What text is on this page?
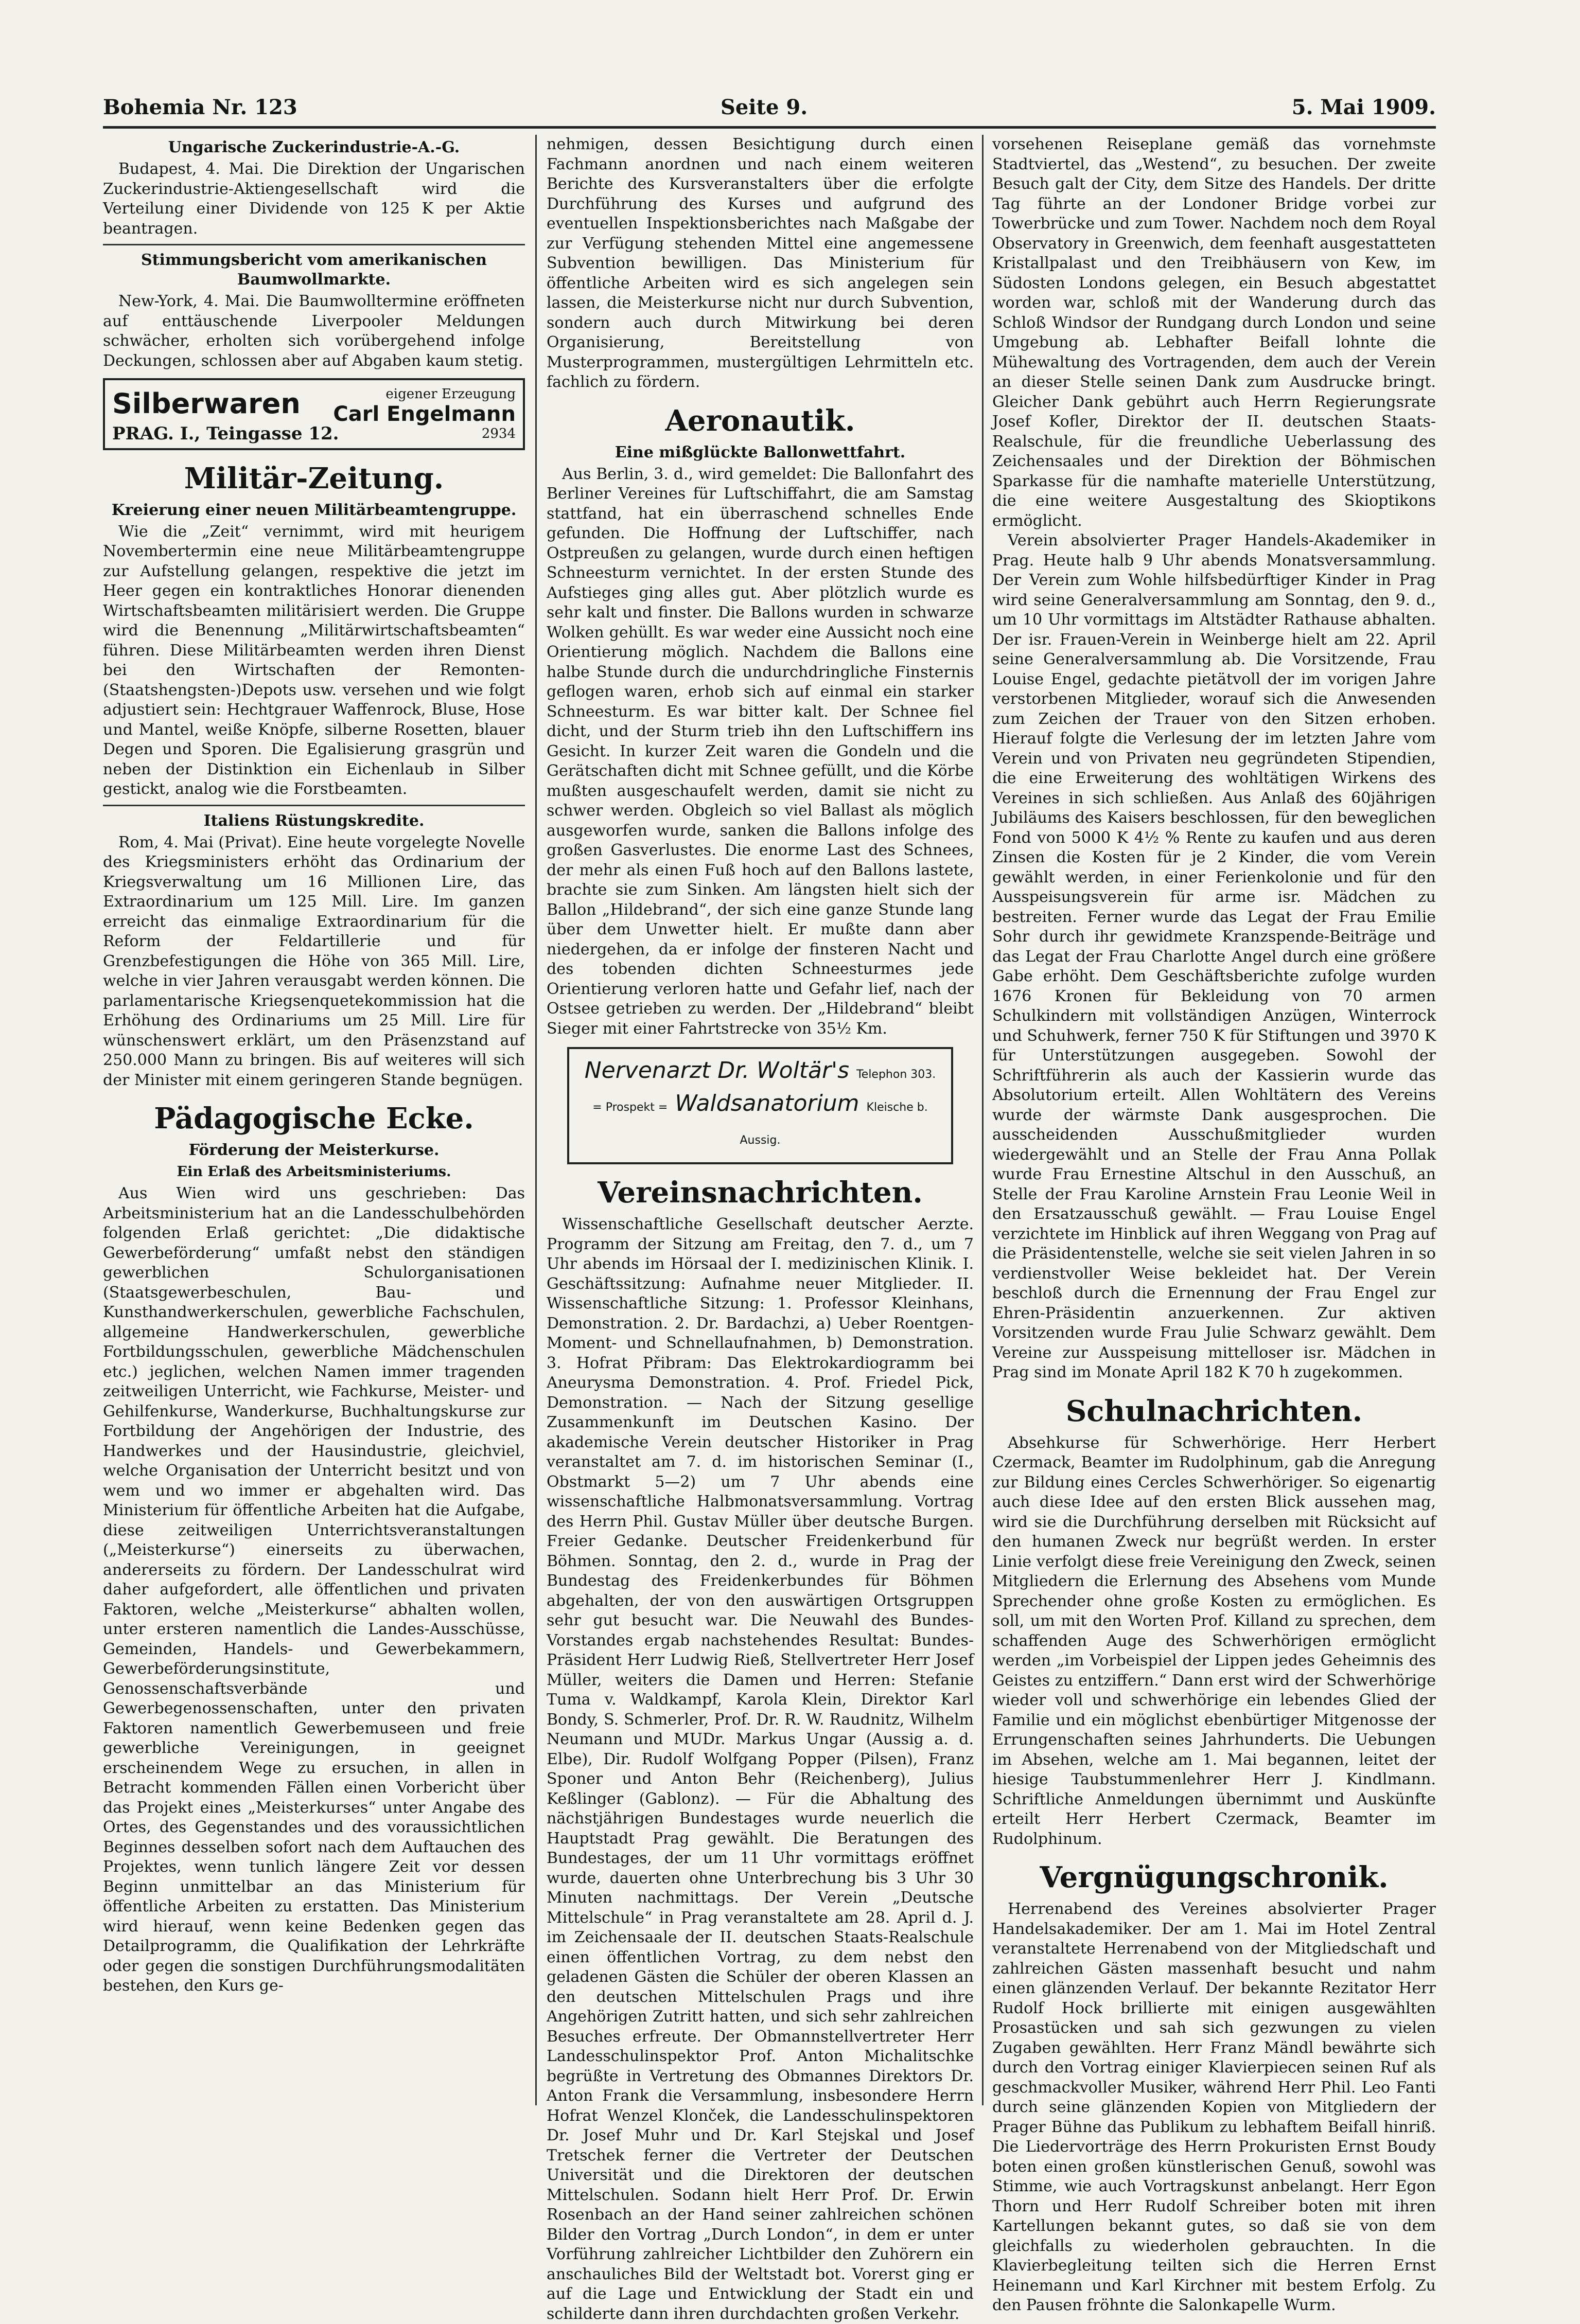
Bohemia Nr. 123	Seite 9.	5. Mai 1909.
Ungarische Zuckerindustrie-A.-G.

Budapest, 4. Mai. Die Direktion der Ungarischen Zuckerindustrie-Aktiengesellschaft wird die Verteilung einer Dividende von 125 K per Aktie beantragen.

Stimmungsbericht vom amerikanischen Baumwollmarkte.

New-York, 4. Mai. Die Baumwolltermine eröffneten auf enttäuschende Liverpooler Meldungen schwächer, erholten sich vorübergehend infolge Deckungen, schlossen aber auf Abgaben kaum stetig.

Silberwaren	eigener Erzeugung
Carl Engelmann
PRAG. I., Teingasse 12.	2934
Militär-Zeitung.
Kreierung einer neuen Militärbeamtengruppe.

Wie die „Zeit“ vernimmt, wird mit heurigem Novembertermin eine neue Militärbeamtengruppe zur Aufstellung gelangen, respektive die jetzt im Heer gegen ein kontraktliches Honorar dienenden Wirtschaftsbeamten militärisiert werden. Die Gruppe wird die Benennung „Militärwirtschaftsbeamten“ führen. Diese Militärbeamten werden ihren Dienst bei den Wirtschaften der Remonten-(Staatshengsten-)Depots usw. versehen und wie folgt adjustiert sein: Hechtgrauer Waffenrock, Bluse, Hose und Mantel, weiße Knöpfe, silberne Rosetten, blauer Degen und Sporen. Die Egalisierung grasgrün und neben der Distinktion ein Eichenlaub in Silber gestickt, analog wie die Forstbeamten.

Italiens Rüstungskredite.

Rom, 4. Mai (Privat). Eine heute vorgelegte Novelle des Kriegsministers erhöht das Ordinarium der Kriegsverwaltung um 16 Millionen Lire, das Extraordinarium um 125 Mill. Lire. Im ganzen erreicht das einmalige Extraordinarium für die Reform der Feldartillerie und für Grenzbefestigungen die Höhe von 365 Mill. Lire, welche in vier Jahren verausgabt werden können. Die parlamentarische Kriegsenquetekommission hat die Erhöhung des Ordinariums um 25 Mill. Lire für wünschenswert erklärt, um den Präsenzstand auf 250.000 Mann zu bringen. Bis auf weiteres will sich der Minister mit einem geringeren Stande begnügen.

Pädagogische Ecke.
Förderung der Meisterkurse.
Ein Erlaß des Arbeitsministeriums.

Aus Wien wird uns geschrieben: Das Arbeitsministerium hat an die Landesschulbehörden folgenden Erlaß gerichtet: „Die didaktische Gewerbeförderung“ umfaßt nebst den ständigen gewerblichen Schulorganisationen (Staatsgewerbeschulen, Bau- und Kunsthandwerkerschulen, gewerbliche Fachschulen, allgemeine Handwerkerschulen, gewerbliche Fortbildungsschulen, gewerbliche Mädchenschulen etc.) jeglichen, welchen Namen immer tragenden zeitweiligen Unterricht, wie Fachkurse, Meister- und Gehilfenkurse, Wanderkurse, Buchhaltungskurse zur Fortbildung der Angehörigen der Industrie, des Handwerkes und der Hausindustrie, gleichviel, welche Organisation der Unterricht besitzt und von wem und wo immer er abgehalten wird. Das Ministerium für öffentliche Arbeiten hat die Aufgabe, diese zeitweiligen Unterrichtsveranstaltungen („Meisterkurse“) einerseits zu überwachen, andererseits zu fördern. Der Landesschulrat wird daher aufgefordert, alle öffentlichen und privaten Faktoren, welche „Meisterkurse“ abhalten wollen, unter ersteren namentlich die Landes-Ausschüsse, Gemeinden, Handels- und Gewerbekammern, Gewerbeförderungsinstitute, Genossenschaftsverbände und Gewerbegenossenschaften, unter den privaten Faktoren namentlich Gewerbemuseen und freie gewerbliche Vereinigungen, in geeignet erscheinendem Wege zu ersuchen, in allen in Betracht kommenden Fällen einen Vorbericht über das Projekt eines „Meisterkurses“ unter Angabe des Ortes, des Gegenstandes und des voraussichtlichen Beginnes desselben sofort nach dem Auftauchen des Projektes, wenn tunlich längere Zeit vor dessen Beginn unmittelbar an das Ministerium für öffentliche Arbeiten zu erstatten. Das Ministerium wird hierauf, wenn keine Bedenken gegen das Detailprogramm, die Qualifikation der Lehrkräfte oder gegen die sonstigen Durchführungsmodalitäten bestehen, den Kurs ge-

nehmigen, dessen Besichtigung durch einen Fachmann anordnen und nach einem weiteren Berichte des Kursveranstalters über die erfolgte Durchführung des Kurses und aufgrund des eventuellen Inspektionsberichtes nach Maßgabe der zur Verfügung stehenden Mittel eine angemessene Subvention bewilligen. Das Ministerium für öffentliche Arbeiten wird es sich angelegen sein lassen, die Meisterkurse nicht nur durch Subvention, sondern auch durch Mitwirkung bei deren Organisierung, Bereitstellung von Musterprogrammen, mustergültigen Lehrmitteln etc. fachlich zu fördern.

Aeronautik.
Eine mißglückte Ballonwettfahrt.

Aus Berlin, 3. d., wird gemeldet: Die Ballonfahrt des Berliner Vereines für Luftschiffahrt, die am Samstag stattfand, hat ein überraschend schnelles Ende gefunden. Die Hoffnung der Luftschiffer, nach Ostpreußen zu gelangen, wurde durch einen heftigen Schneesturm vernichtet. In der ersten Stunde des Aufstieges ging alles gut. Aber plötzlich wurde es sehr kalt und finster. Die Ballons wurden in schwarze Wolken gehüllt. Es war weder eine Aussicht noch eine Orientierung möglich. Nachdem die Ballons eine halbe Stunde durch die undurchdringliche Finsternis geflogen waren, erhob sich auf einmal ein starker Schneesturm. Es war bitter kalt. Der Schnee fiel dicht, und der Sturm trieb ihn den Luftschiffern ins Gesicht. In kurzer Zeit waren die Gondeln und die Gerätschaften dicht mit Schnee gefüllt, und die Körbe mußten ausgeschaufelt werden, damit sie nicht zu schwer werden. Obgleich so viel Ballast als möglich ausgeworfen wurde, sanken die Ballons infolge des großen Gasverlustes. Die enorme Last des Schnees, der mehr als einen Fuß hoch auf den Ballons lastete, brachte sie zum Sinken. Am längsten hielt sich der Ballon „Hildebrand“, der sich eine ganze Stunde lang über dem Unwetter hielt. Er mußte dann aber niedergehen, da er infolge der finsteren Nacht und des tobenden dichten Schneesturmes jede Orientierung verloren hatte und Gefahr lief, nach der Ostsee getrieben zu werden. Der „Hildebrand“ bleibt Sieger mit einer Fahrtstrecke von 35½ Km.

Nervenarzt Dr. Woltär's Telephon 303.
= Prospekt = Waldsanatorium Kleische b. Aussig.
Vereinsnachrichten.

Wissenschaftliche Gesellschaft deutscher Aerzte. Programm der Sitzung am Freitag, den 7. d., um 7 Uhr abends im Hörsaal der I. medizinischen Klinik. I. Geschäftssitzung: Aufnahme neuer Mitglieder. II. Wissenschaftliche Sitzung: 1. Professor Kleinhans, Demonstration. 2. Dr. Bardachzi, a) Ueber Roentgen-Moment- und Schnellaufnahmen, b) Demonstration. 3. Hofrat Přibram: Das Elektrokardiogramm bei Aneurysma Demonstration. 4. Prof. Friedel Pick, Demonstration. — Nach der Sitzung gesellige Zusammenkunft im Deutschen Kasino. Der akademische Verein deutscher Historiker in Prag veranstaltet am 7. d. im historischen Seminar (I., Obstmarkt 5—2) um 7 Uhr abends eine wissenschaftliche Halbmonatsversammlung. Vortrag des Herrn Phil. Gustav Müller über deutsche Burgen. Freier Gedanke. Deutscher Freidenkerbund für Böhmen. Sonntag, den 2. d., wurde in Prag der Bundestag des Freidenkerbundes für Böhmen abgehalten, der von den auswärtigen Ortsgruppen sehr gut besucht war. Die Neuwahl des Bundes-Vorstandes ergab nachstehendes Resultat: Bundes-Präsident Herr Ludwig Rieß, Stellvertreter Herr Josef Müller, weiters die Damen und Herren: Stefanie Tuma v. Waldkampf, Karola Klein, Direktor Karl Bondy, S. Schmerler, Prof. Dr. R. W. Raudnitz, Wilhelm Neumann und MUDr. Markus Ungar (Aussig a. d. Elbe), Dir. Rudolf Wolfgang Popper (Pilsen), Franz Sponer und Anton Behr (Reichenberg), Julius Keßlinger (Gablonz). — Für die Abhaltung des nächstjährigen Bundestages wurde neuerlich die Hauptstadt Prag gewählt. Die Beratungen des Bundestages, der um 11 Uhr vormittags eröffnet wurde, dauerten ohne Unterbrechung bis 3 Uhr 30 Minuten nachmittags. Der Verein „Deutsche Mittelschule“ in Prag veranstaltete am 28. April d. J. im Zeichensaale der II. deutschen Staats-Realschule einen öffentlichen Vortrag, zu dem nebst den geladenen Gästen die Schüler der oberen Klassen an den deutschen Mittelschulen Prags und ihre Angehörigen Zutritt hatten, und sich sehr zahlreichen Besuches erfreute. Der Obmannstellvertreter Herr Landesschulinspektor Prof. Anton Michalitschke begrüßte in Vertretung des Obmannes Direktors Dr. Anton Frank die Versammlung, insbesondere Herrn Hofrat Wenzel Klonček, die Landesschulinspektoren Dr. Josef Muhr und Dr. Karl Stejskal und Josef Tretschek ferner die Vertreter der Deutschen Universität und die Direktoren der deutschen Mittelschulen. Sodann hielt Herr Prof. Dr. Erwin Rosenbach an der Hand seiner zahlreichen schönen Bilder den Vortrag „Durch London“, in dem er unter Vorführung zahlreicher Lichtbilder den Zuhörern ein anschauliches Bild der Weltstadt bot. Vorerst ging er auf die Lage und Entwicklung der Stadt ein und schilderte dann ihren durchdachten großen Verkehr.

vorsehenen Reiseplane gemäß das vornehmste Stadtviertel, das „Westend“, zu besuchen. Der zweite Besuch galt der City, dem Sitze des Handels. Der dritte Tag führte an der Londoner Bridge vorbei zur Towerbrücke und zum Tower. Nachdem noch dem Royal Observatory in Greenwich, dem feenhaft ausgestatteten Kristallpalast und den Treibhäusern von Kew, im Südosten Londons gelegen, ein Besuch abgestattet worden war, schloß mit der Wanderung durch das Schloß Windsor der Rundgang durch London und seine Umgebung ab. Lebhafter Beifall lohnte die Mühewaltung des Vortragenden, dem auch der Verein an dieser Stelle seinen Dank zum Ausdrucke bringt. Gleicher Dank gebührt auch Herrn Regierungsrate Josef Kofler, Direktor der II. deutschen Staats-Realschule, für die freundliche Ueberlassung des Zeichensaales und der Direktion der Böhmischen Sparkasse für die namhafte materielle Unterstützung, die eine weitere Ausgestaltung des Skioptikons ermöglicht.

Verein absolvierter Prager Handels-Akademiker in Prag. Heute halb 9 Uhr abends Monatsversammlung. Der Verein zum Wohle hilfsbedürftiger Kinder in Prag wird seine Generalversammlung am Sonntag, den 9. d., um 10 Uhr vormittags im Altstädter Rathause abhalten. Der isr. Frauen-Verein in Weinberge hielt am 22. April seine Generalversammlung ab. Die Vorsitzende, Frau Louise Engel, gedachte pietätvoll der im vorigen Jahre verstorbenen Mitglieder, worauf sich die Anwesenden zum Zeichen der Trauer von den Sitzen erhoben. Hierauf folgte die Verlesung der im letzten Jahre vom Verein und von Privaten neu gegründeten Stipendien, die eine Erweiterung des wohltätigen Wirkens des Vereines in sich schließen. Aus Anlaß des 60jährigen Jubiläums des Kaisers beschlossen, für den beweglichen Fond von 5000 K 4½ % Rente zu kaufen und aus deren Zinsen die Kosten für je 2 Kinder, die vom Verein gewählt werden, in einer Ferienkolonie und für den Ausspeisungsverein für arme isr. Mädchen zu bestreiten. Ferner wurde das Legat der Frau Emilie Sohr durch ihr gewidmete Kranzspende-Beiträge und das Legat der Frau Charlotte Angel durch eine größere Gabe erhöht. Dem Geschäftsberichte zufolge wurden 1676 Kronen für Bekleidung von 70 armen Schulkindern mit vollständigen Anzügen, Winterrock und Schuhwerk, ferner 750 K für Stiftungen und 3970 K für Unterstützungen ausgegeben. Sowohl der Schriftführerin als auch der Kassierin wurde das Absolutorium erteilt. Allen Wohltätern des Vereins wurde der wärmste Dank ausgesprochen. Die ausscheidenden Ausschußmitglieder wurden wiedergewählt und an Stelle der Frau Anna Pollak wurde Frau Ernestine Altschul in den Ausschuß, an Stelle der Frau Karoline Arnstein Frau Leonie Weil in den Ersatzausschuß gewählt. — Frau Louise Engel verzichtete im Hinblick auf ihren Weggang von Prag auf die Präsidentenstelle, welche sie seit vielen Jahren in so verdienstvoller Weise bekleidet hat. Der Verein beschloß durch die Ernennung der Frau Engel zur Ehren-Präsidentin anzuerkennen. Zur aktiven Vorsitzenden wurde Frau Julie Schwarz gewählt. Dem Vereine zur Ausspeisung mittelloser isr. Mädchen in Prag sind im Monate April 182 K 70 h zugekommen.

Schulnachrichten.

Absehkurse für Schwerhörige. Herr Herbert Czermack, Beamter im Rudolphinum, gab die Anregung zur Bildung eines Cercles Schwerhöriger. So eigenartig auch diese Idee auf den ersten Blick aussehen mag, wird sie die Durchführung derselben mit Rücksicht auf den humanen Zweck nur begrüßt werden. In erster Linie verfolgt diese freie Vereinigung den Zweck, seinen Mitgliedern die Erlernung des Absehens vom Munde Sprechender ohne große Kosten zu ermöglichen. Es soll, um mit den Worten Prof. Killand zu sprechen, dem schaffenden Auge des Schwerhörigen ermöglicht werden „im Vorbeispiel der Lippen jedes Geheimnis des Geistes zu entziffern.“ Dann erst wird der Schwerhörige wieder voll und schwerhörige ein lebendes Glied der Familie und ein möglichst ebenbürtiger Mitgenosse der Errungenschaften seines Jahrhunderts. Die Uebungen im Absehen, welche am 1. Mai begannen, leitet der hiesige Taubstummenlehrer Herr J. Kindlmann. Schriftliche Anmeldungen übernimmt und Auskünfte erteilt Herr Herbert Czermack, Beamter im Rudolphinum.

Vergnügungschronik.

Herrenabend des Vereines absolvierter Prager Handelsakademiker. Der am 1. Mai im Hotel Zentral veranstaltete Herrenabend von der Mitgliedschaft und zahlreichen Gästen massenhaft besucht und nahm einen glänzenden Verlauf. Der bekannte Rezitator Herr Rudolf Hock brillierte mit einigen ausgewählten Prosastücken und sah sich gezwungen zu vielen Zugaben gewählten. Herr Franz Mändl bewährte sich durch den Vortrag einiger Klavierpiecen seinen Ruf als geschmackvoller Musiker, während Herr Phil. Leo Fanti durch seine glänzenden Kopien von Mitgliedern der Prager Bühne das Publikum zu lebhaftem Beifall hinriß. Die Liedervorträge des Herrn Prokuristen Ernst Boudy boten einen großen künstlerischen Genuß, sowohl was Stimme, wie auch Vortragskunst anbelangt. Herr Egon Thorn und Herr Rudolf Schreiber boten mit ihren Kartellungen bekannt gutes, so daß sie von dem gleichfalls zu wiederholen gebrauchten. In die Klavierbegleitung teilten sich die Herren Ernst Heinemann und Karl Kirchner mit bestem Erfolg. Zu den Pausen fröhnte die Salonkapelle Wurm.
